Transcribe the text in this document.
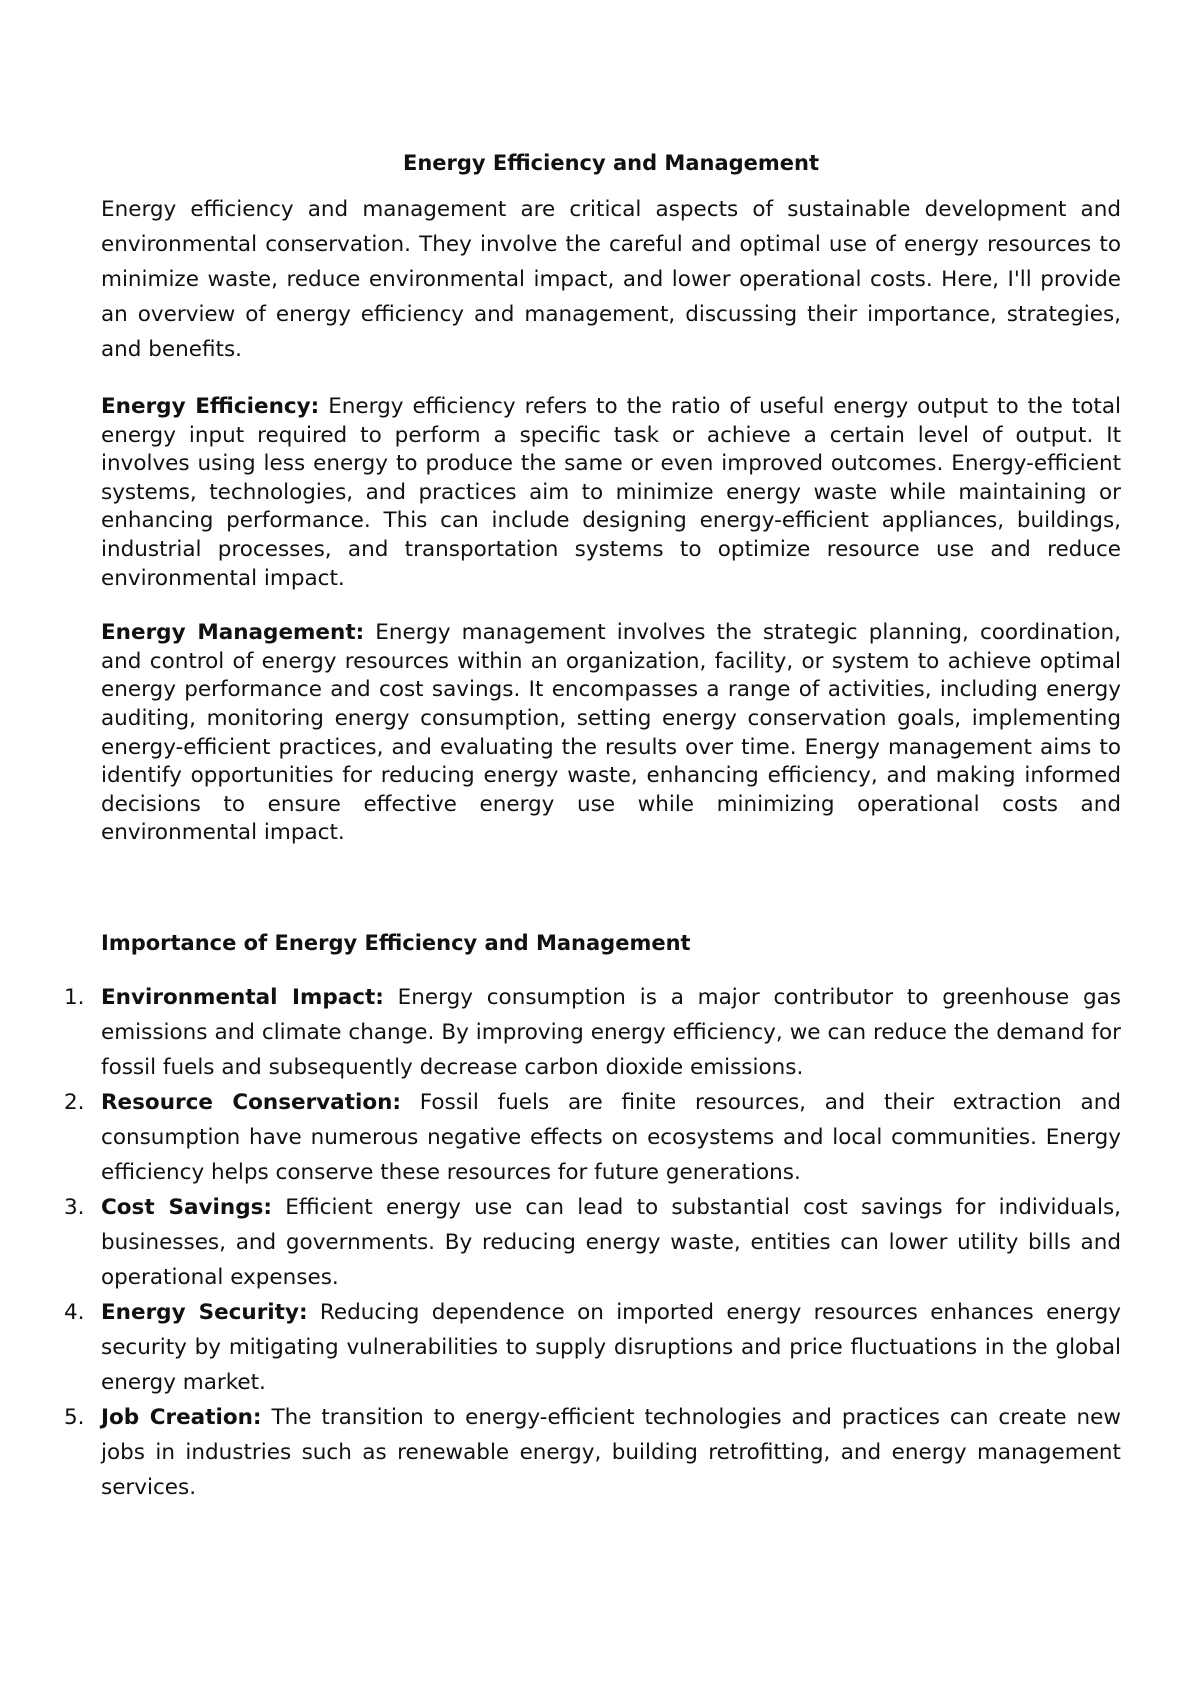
Energy Efficiency and Management

Energy efficiency and management are critical aspects of sustainable development and environmental conservation. They involve the careful and optimal use of energy resources to minimize waste, reduce environmental impact, and lower operational costs. Here, I'll provide an overview of energy efficiency and management, discussing their importance, strategies, and benefits.

Energy Efficiency: Energy efficiency refers to the ratio of useful energy output to the total energy input required to perform a specific task or achieve a certain level of output. It involves using less energy to produce the same or even improved outcomes. Energy-efficient systems, technologies, and practices aim to minimize energy waste while maintaining or enhancing performance. This can include designing energy-efficient appliances, buildings, industrial processes, and transportation systems to optimize resource use and reduce environmental impact.

Energy Management: Energy management involves the strategic planning, coordination, and control of energy resources within an organization, facility, or system to achieve optimal energy performance and cost savings. It encompasses a range of activities, including energy auditing, monitoring energy consumption, setting energy conservation goals, implementing energy-efficient practices, and evaluating the results over time. Energy management aims to identify opportunities for reducing energy waste, enhancing efficiency, and making informed decisions to ensure effective energy use while minimizing operational costs and environmental impact.

Importance of Energy Efficiency and Management
1. Environmental Impact: Energy consumption is a major contributor to greenhouse gas emissions and climate change. By improving energy efficiency, we can reduce the demand for fossil fuels and subsequently decrease carbon dioxide emissions.
2. Resource Conservation: Fossil fuels are finite resources, and their extraction and consumption have numerous negative effects on ecosystems and local communities. Energy efficiency helps conserve these resources for future generations.
3. Cost Savings: Efficient energy use can lead to substantial cost savings for individuals, businesses, and governments. By reducing energy waste, entities can lower utility bills and operational expenses.
4. Energy Security: Reducing dependence on imported energy resources enhances energy security by mitigating vulnerabilities to supply disruptions and price fluctuations in the global energy market.
5. Job Creation: The transition to energy-efficient technologies and practices can create new jobs in industries such as renewable energy, building retrofitting, and energy management services.
